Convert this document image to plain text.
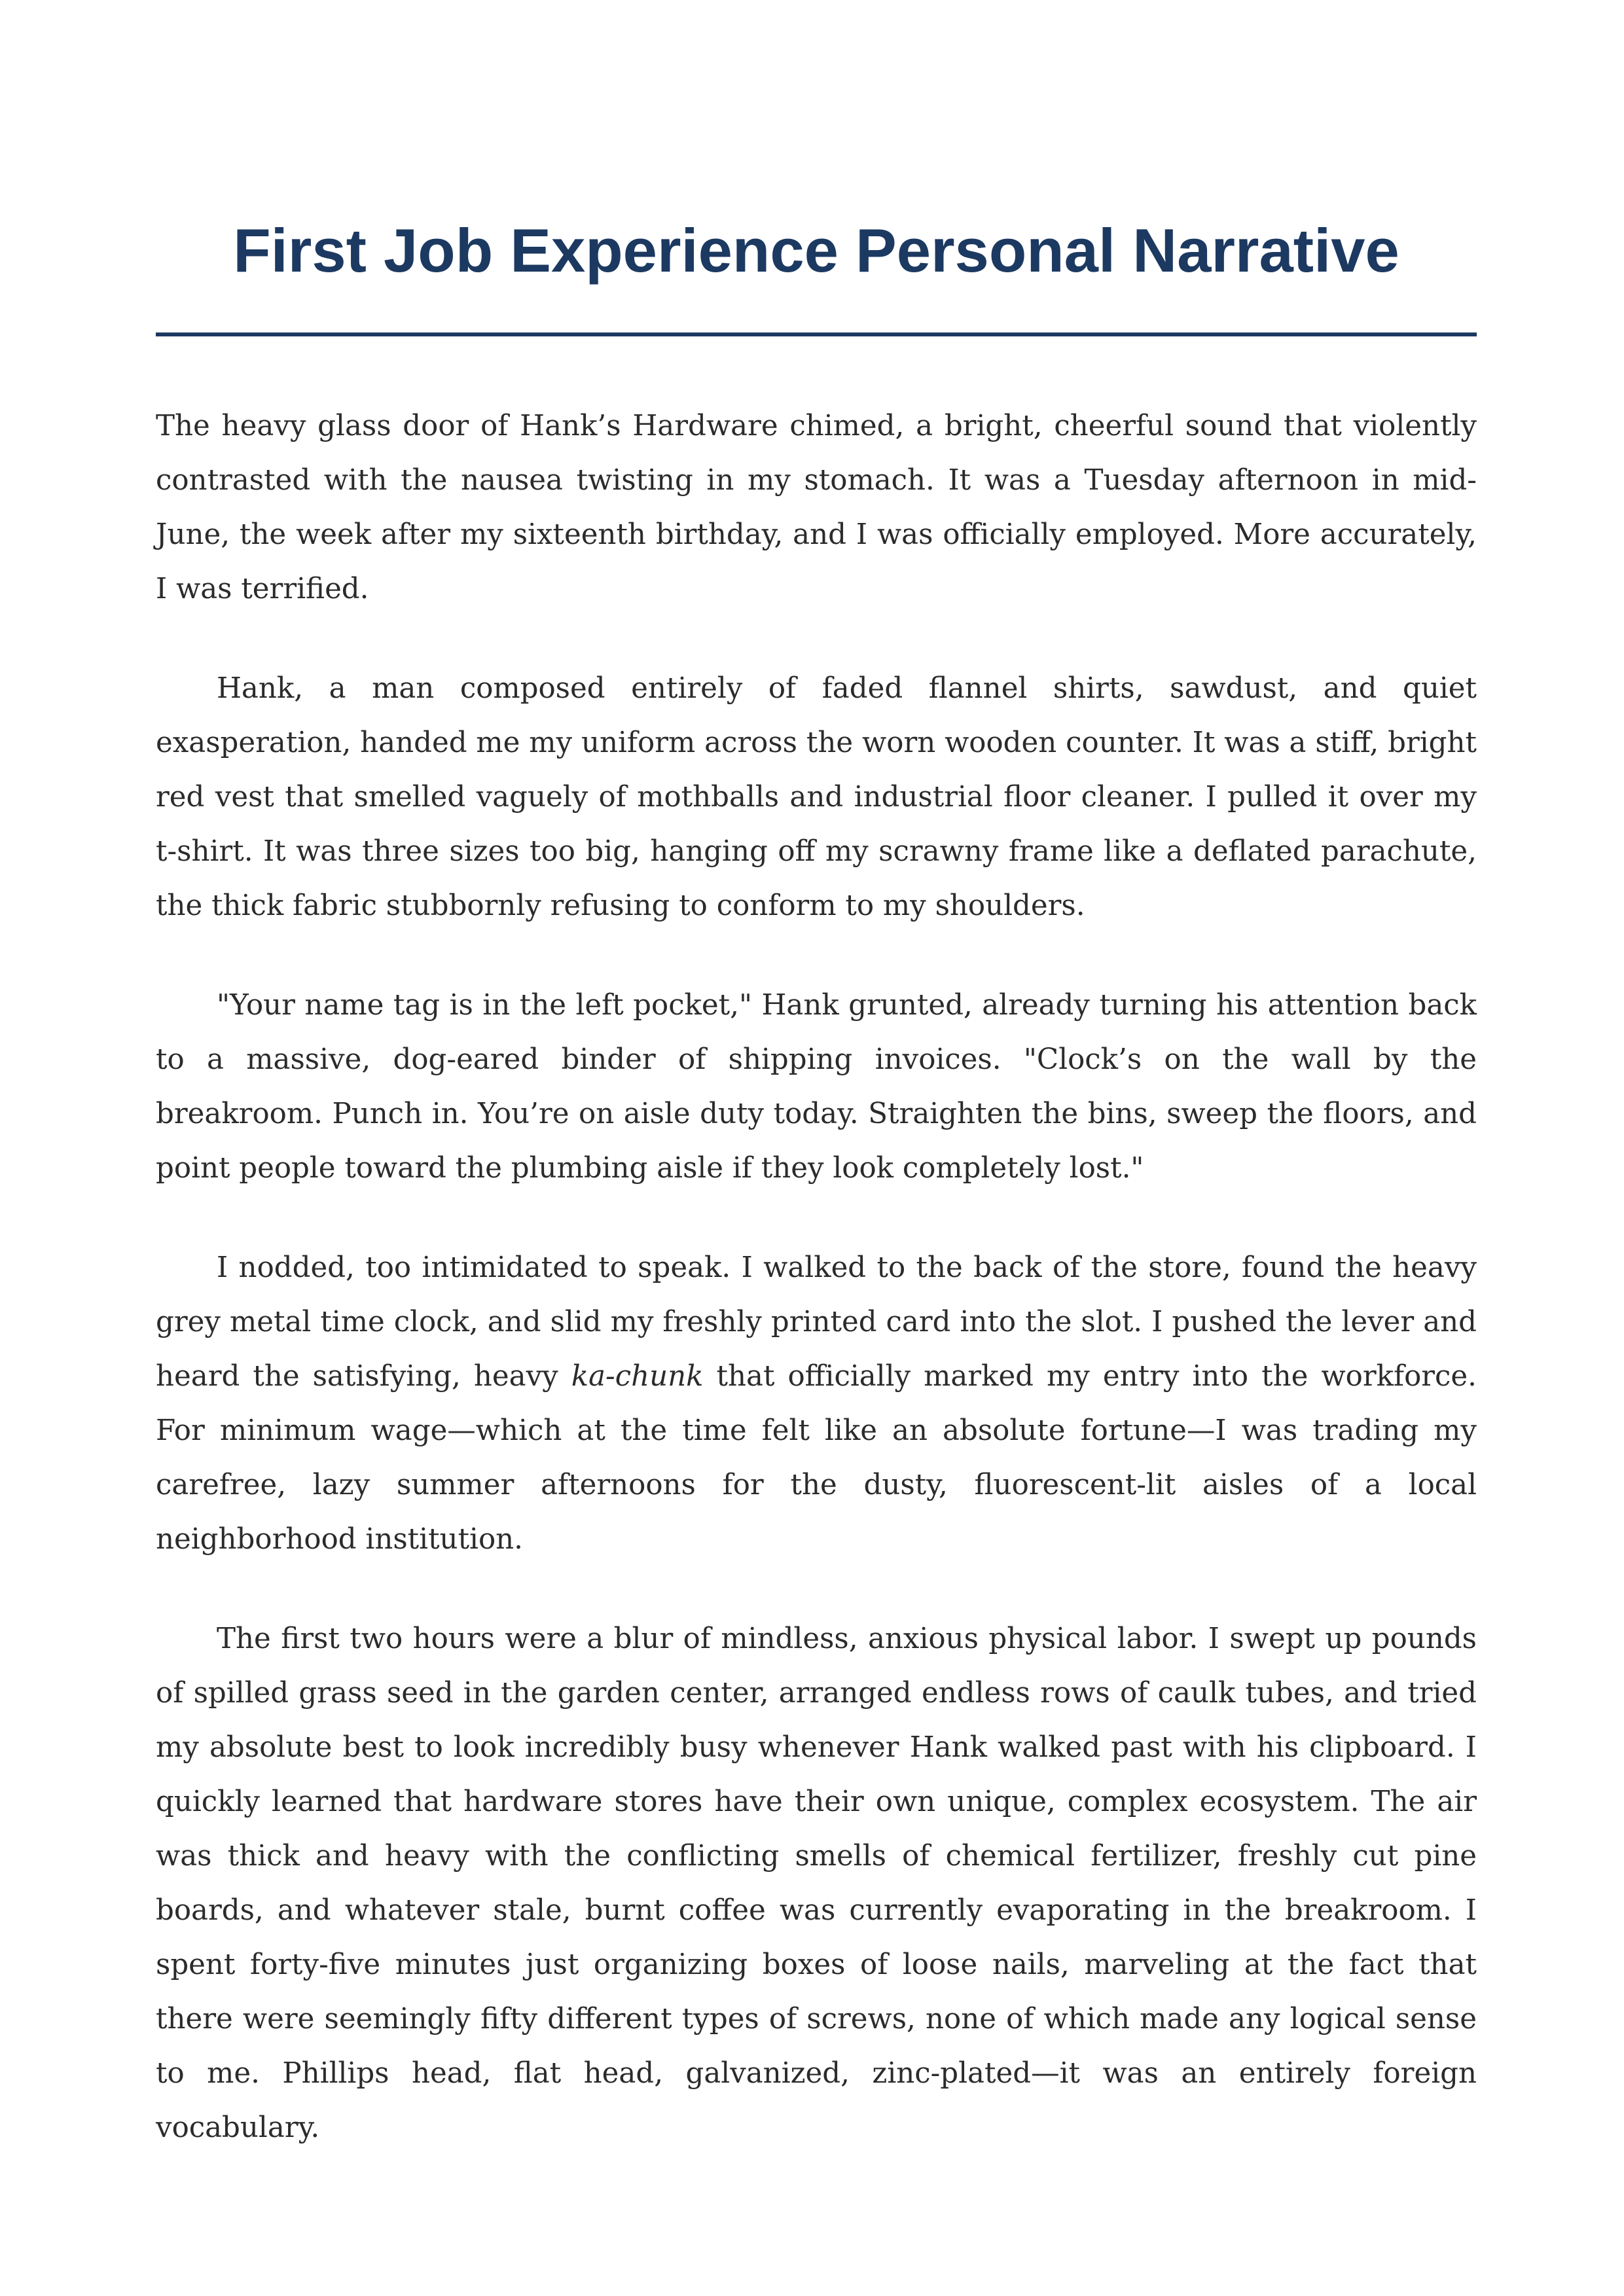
First Job Experience Personal Narrative

The heavy glass door of Hank’s Hardware chimed, a bright, cheerful sound that violently contrasted with the nausea twisting in my stomach. It was a Tuesday afternoon in mid-June, the week after my sixteenth birthday, and I was officially employed. More accurately, I was terrified.

Hank, a man composed entirely of faded flannel shirts, sawdust, and quiet exasperation, handed me my uniform across the worn wooden counter. It was a stiff, bright red vest that smelled vaguely of mothballs and industrial floor cleaner. I pulled it over my t-shirt. It was three sizes too big, hanging off my scrawny frame like a deflated parachute, the thick fabric stubbornly refusing to conform to my shoulders.

"Your name tag is in the left pocket," Hank grunted, already turning his attention back to a massive, dog-eared binder of shipping invoices. "Clock’s on the wall by the breakroom. Punch in. You’re on aisle duty today. Straighten the bins, sweep the floors, and point people toward the plumbing aisle if they look completely lost."

I nodded, too intimidated to speak. I walked to the back of the store, found the heavy grey metal time clock, and slid my freshly printed card into the slot. I pushed the lever and heard the satisfying, heavy ka-chunk that officially marked my entry into the workforce. For minimum wage—which at the time felt like an absolute fortune—I was trading my carefree, lazy summer afternoons for the dusty, fluorescent-lit aisles of a local neighborhood institution.

The first two hours were a blur of mindless, anxious physical labor. I swept up pounds of spilled grass seed in the garden center, arranged endless rows of caulk tubes, and tried my absolute best to look incredibly busy whenever Hank walked past with his clipboard. I quickly learned that hardware stores have their own unique, complex ecosystem. The air was thick and heavy with the conflicting smells of chemical fertilizer, freshly cut pine boards, and whatever stale, burnt coffee was currently evaporating in the breakroom. I spent forty-five minutes just organizing boxes of loose nails, marveling at the fact that there were seemingly fifty different types of screws, none of which made any logical sense to me. Phillips head, flat head, galvanized, zinc-plated—it was an entirely foreign vocabulary.
